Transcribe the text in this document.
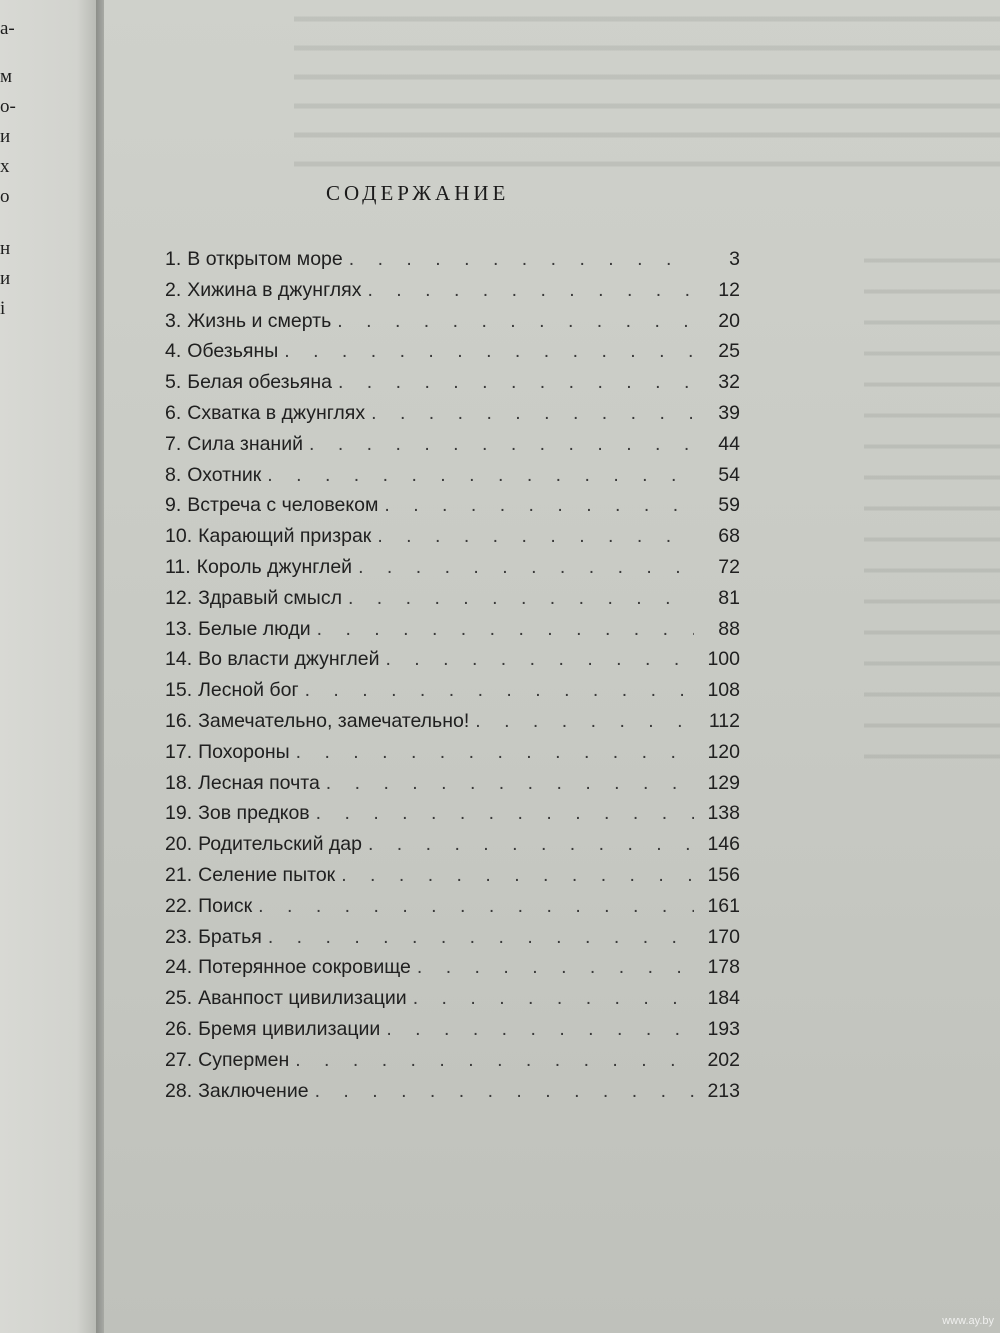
а-
м
о-
и
х
о
н
и
і
СОДЕРЖАНИЕ
1. В открытом море . . .	3
2. Хижина в джунглях . . .	12
3. Жизнь и смерть . . .	20
4. Обезьяны . . .	25
5. Белая обезьяна . . .	32
6. Схватка в джунглях . . .	39
7. Сила знаний . . .	44
8. Охотник . . .	54
9. Встреча с человеком . . .	59
10. Карающий призрак . . .	68
11. Король джунглей . . .	72
12. Здравый смысл . . .	81
13. Белые люди . . .	88
14. Во власти джунглей . . .	100
15. Лесной бог . . .	108
16. Замечательно, замечательно! . . .	112
17. Похороны . . .	120
18. Лесная почта . . .	129
19. Зов предков . . .	138
20. Родительский дар . . .	146
21. Селение пыток . . .	156
22. Поиск . . .	161
23. Братья . . .	170
24. Потерянное сокровище . . .	178
25. Аванпост цивилизации . . .	184
26. Бремя цивилизации . . .	193
27. Супермен . . .	202
28. Заключение . . .	213
www.ay.by
